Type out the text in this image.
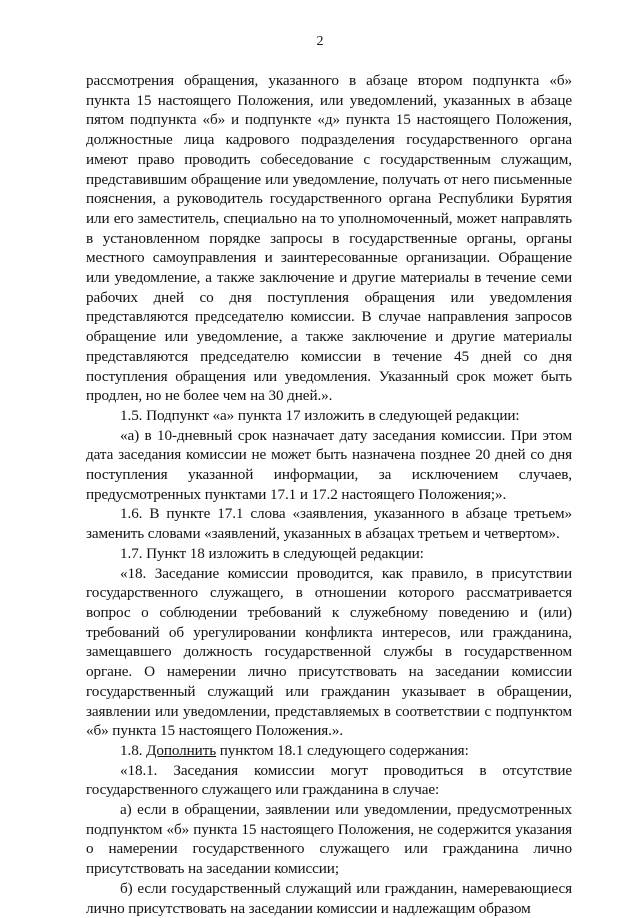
2

рассмотрения обращения, указанного в абзаце втором подпункта «б» пункта 15 настоящего Положения, или уведомлений, указанных в абзаце пятом подпункта «б» и подпункте «д» пункта 15 настоящего Положения, должностные лица кадрового подразделения государственного органа имеют право проводить собеседование с государственным служащим, представившим обращение или уведомление, получать от него письменные пояснения, а руководитель государственного органа Республики Бурятия или его заместитель, специально на то уполномоченный, может направлять в установленном порядке запросы в государственные органы, органы местного самоуправления и заинтересованные организации. Обращение или уведомление, а также заключение и другие материалы в течение семи рабочих дней со дня поступления обращения или уведомления представляются председателю комиссии. В случае направления запросов обращение или уведомление, а также заключение и другие материалы представляются председателю комиссии в течение 45 дней со дня поступления обращения или уведомления. Указанный срок может быть продлен, но не более чем на 30 дней.».

1.5. Подпункт «а» пункта 17 изложить в следующей редакции:

«а) в 10-дневный срок назначает дату заседания комиссии. При этом дата заседания комиссии не может быть назначена позднее 20 дней со дня поступления указанной информации, за исключением случаев, предусмотренных пунктами 17.1 и 17.2 настоящего Положения;».

1.6. В пункте 17.1 слова «заявления, указанного в абзаце третьем» заменить словами «заявлений, указанных в абзацах третьем и четвертом».

1.7. Пункт 18 изложить в следующей редакции:

«18. Заседание комиссии проводится, как правило, в присутствии государственного служащего, в отношении которого рассматривается вопрос о соблюдении требований к служебному поведению и (или) требований об урегулировании конфликта интересов, или гражданина, замещавшего должность государственной службы в государственном органе. О намерении лично присутствовать на заседании комиссии государственный служащий или гражданин указывает в обращении, заявлении или уведомлении, представляемых в соответствии с подпунктом «б» пункта 15 настоящего Положения.».

1.8. Дополнить пунктом 18.1 следующего содержания:

«18.1. Заседания комиссии могут проводиться в отсутствие государственного служащего или гражданина в случае:

а) если в обращении, заявлении или уведомлении, предусмотренных подпунктом «б» пункта 15 настоящего Положения, не содержится указания о намерении государственного служащего или гражданина лично присутствовать на заседании комиссии;

б) если государственный служащий или гражданин, намеревающиеся лично присутствовать на заседании комиссии и надлежащим образом
